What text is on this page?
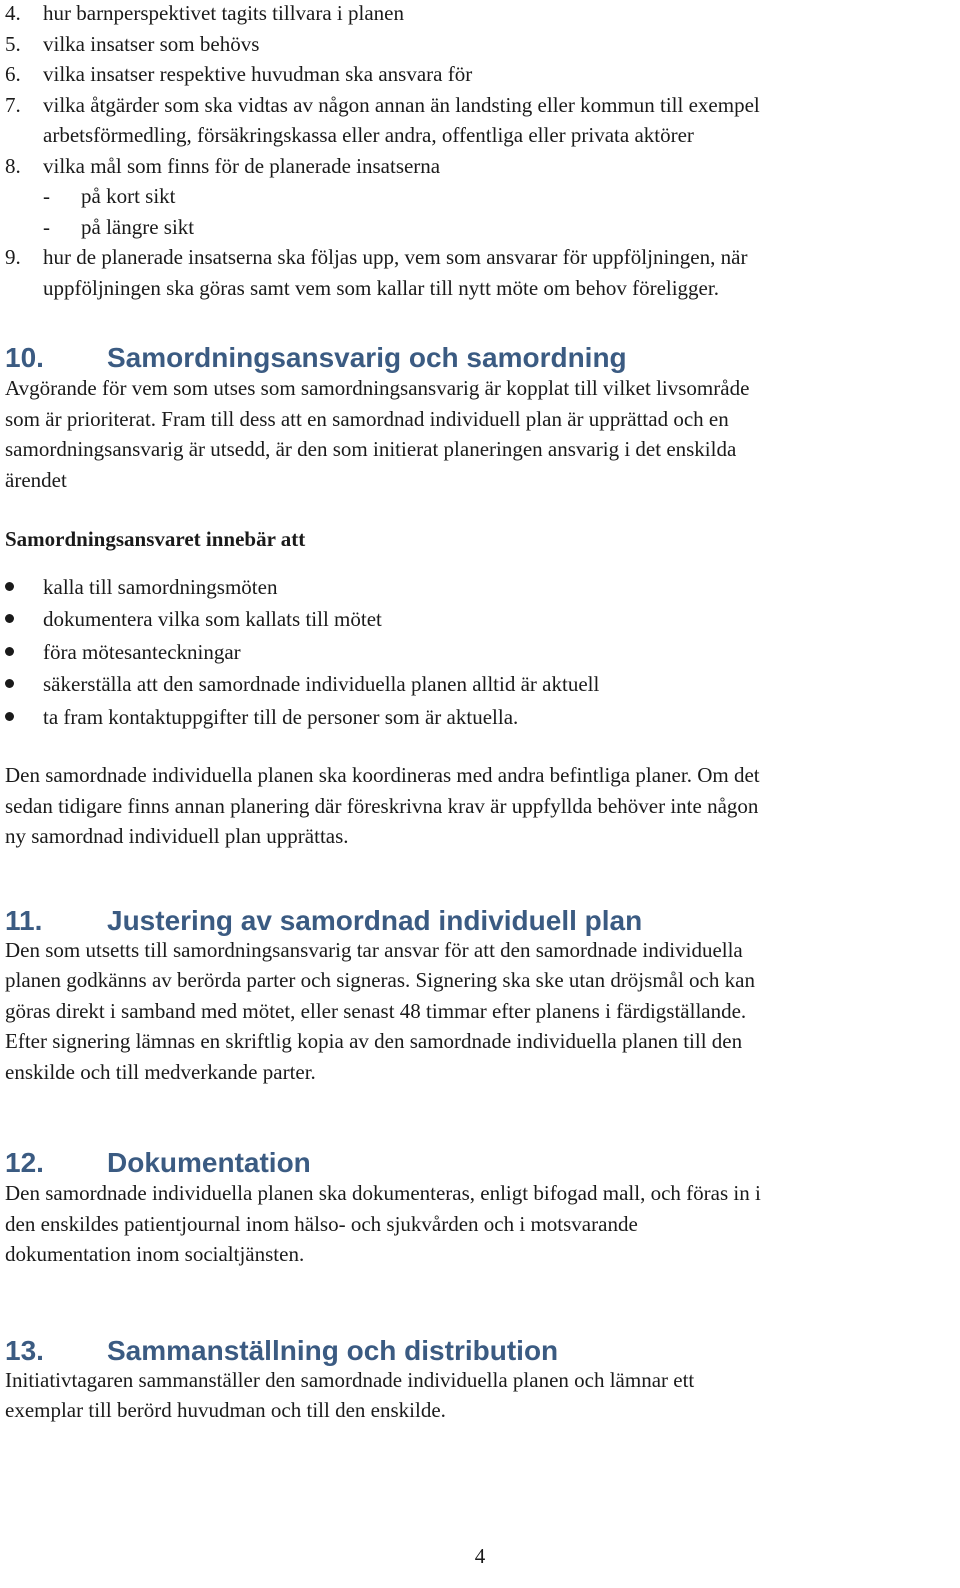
4. hur barnperspektivet tagits tillvara i planen
5. vilka insatser som behövs
6. vilka insatser respektive huvudman ska ansvara för
7. vilka åtgärder som ska vidtas av någon annan än landsting eller kommun till exempel
arbetsförmedling, försäkringskassa eller andra, offentliga eller privata aktörer
8. vilka mål som finns för de planerade insatserna
- på kort sikt
- på längre sikt
9. hur de planerade insatserna ska följas upp, vem som ansvarar för uppföljningen, när
uppföljningen ska göras samt vem som kallar till nytt möte om behov föreligger.
10. Samordningsansvarig och samordning
Avgörande för vem som utses som samordningsansvarig är kopplat till vilket livsområde
som är prioriterat. Fram till dess att en samordnad individuell plan är upprättad och en
samordningsansvarig är utsedd, är den som initierat planeringen ansvarig i det enskilda
ärendet
Samordningsansvaret innebär att
kalla till samordningsmöten
dokumentera vilka som kallats till mötet
föra mötesanteckningar
säkerställa att den samordnade individuella planen alltid är aktuell
ta fram kontaktuppgifter till de personer som är aktuella.
Den samordnade individuella planen ska koordineras med andra befintliga planer. Om det
sedan tidigare finns annan planering där föreskrivna krav är uppfyllda behöver inte någon
ny samordnad individuell plan upprättas.
11. Justering av samordnad individuell plan
Den som utsetts till samordningsansvarig tar ansvar för att den samordnade individuella
planen godkänns av berörda parter och signeras. Signering ska ske utan dröjsmål och kan
göras direkt i samband med mötet, eller senast 48 timmar efter planens i färdigställande.
Efter signering lämnas en skriftlig kopia av den samordnade individuella planen till den
enskilde och till medverkande parter.
12. Dokumentation
Den samordnade individuella planen ska dokumenteras, enligt bifogad mall, och föras in i
den enskildes patientjournal inom hälso- och sjukvården och i motsvarande
dokumentation inom socialtjänsten.
13. Sammanställning och distribution
Initiativtagaren sammanställer den samordnade individuella planen och lämnar ett
exemplar till berörd huvudman och till den enskilde.
4
